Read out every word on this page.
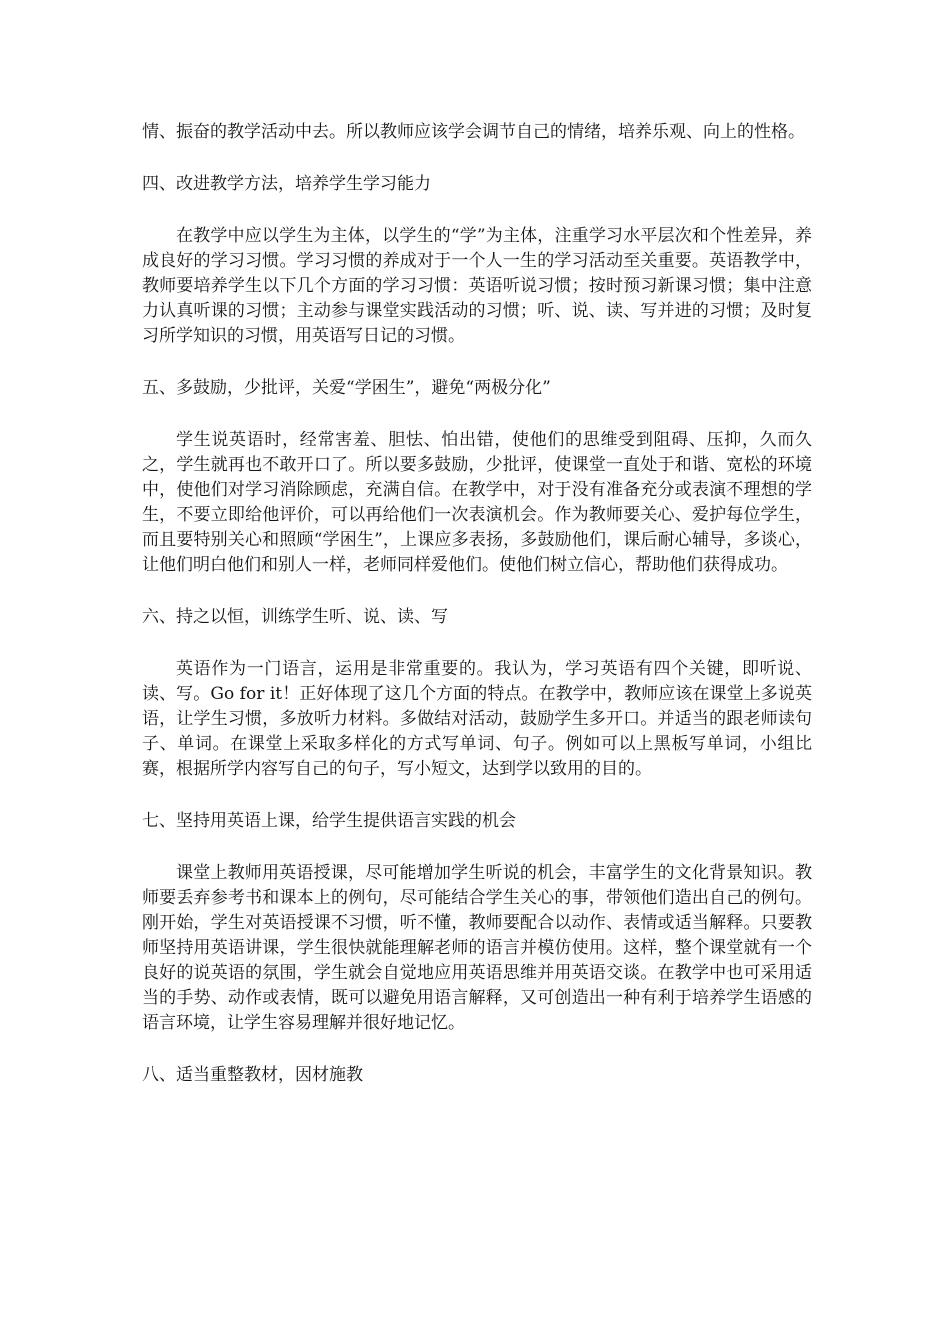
情、振奋的教学活动中去。所以教师应该学会调节自己的情绪，培养乐观、向上的性格。

四、改进教学方法，培养学生学习能力

在教学中应以学生为主体，以学生的“学”为主体，注重学习水平层次和个性差异，养成良好的学习习惯。学习习惯的养成对于一个人一生的学习活动至关重要。英语教学中，教师要培养学生以下几个方面的学习习惯：英语听说习惯；按时预习新课习惯；集中注意力认真听课的习惯；主动参与课堂实践活动的习惯；听、说、读、写并进的习惯；及时复习所学知识的习惯，用英语写日记的习惯。

五、多鼓励，少批评，关爱“学困生”，避免“两极分化”

学生说英语时，经常害羞、胆怯、怕出错，使他们的思维受到阻碍、压抑，久而久之，学生就再也不敢开口了。所以要多鼓励，少批评，使课堂一直处于和谐、宽松的环境中，使他们对学习消除顾虑，充满自信。在教学中，对于没有准备充分或表演不理想的学生，不要立即给他评价，可以再给他们一次表演机会。作为教师要关心、爱护每位学生，而且要特别关心和照顾“学困生”，上课应多表扬，多鼓励他们，课后耐心辅导，多谈心，让他们明白他们和别人一样，老师同样爱他们。使他们树立信心，帮助他们获得成功。

六、持之以恒，训练学生听、说、读、写

英语作为一门语言，运用是非常重要的。我认为，学习英语有四个关键，即听说、读、写。Go for it！正好体现了这几个方面的特点。在教学中，教师应该在课堂上多说英语，让学生习惯，多放听力材料。多做结对活动，鼓励学生多开口。并适当的跟老师读句子、单词。在课堂上采取多样化的方式写单词、句子。例如可以上黑板写单词，小组比赛，根据所学内容写自己的句子，写小短文，达到学以致用的目的。

七、坚持用英语上课，给学生提供语言实践的机会

课堂上教师用英语授课，尽可能增加学生听说的机会，丰富学生的文化背景知识。教师要丢弃参考书和课本上的例句，尽可能结合学生关心的事，带领他们造出自己的例句。刚开始，学生对英语授课不习惯，听不懂，教师要配合以动作、表情或适当解释。只要教师坚持用英语讲课，学生很快就能理解老师的语言并模仿使用。这样，整个课堂就有一个良好的说英语的氛围，学生就会自觉地应用英语思维并用英语交谈。在教学中也可采用适当的手势、动作或表情，既可以避免用语言解释，又可创造出一种有利于培养学生语感的语言环境，让学生容易理解并很好地记忆。

八、适当重整教材，因材施教
